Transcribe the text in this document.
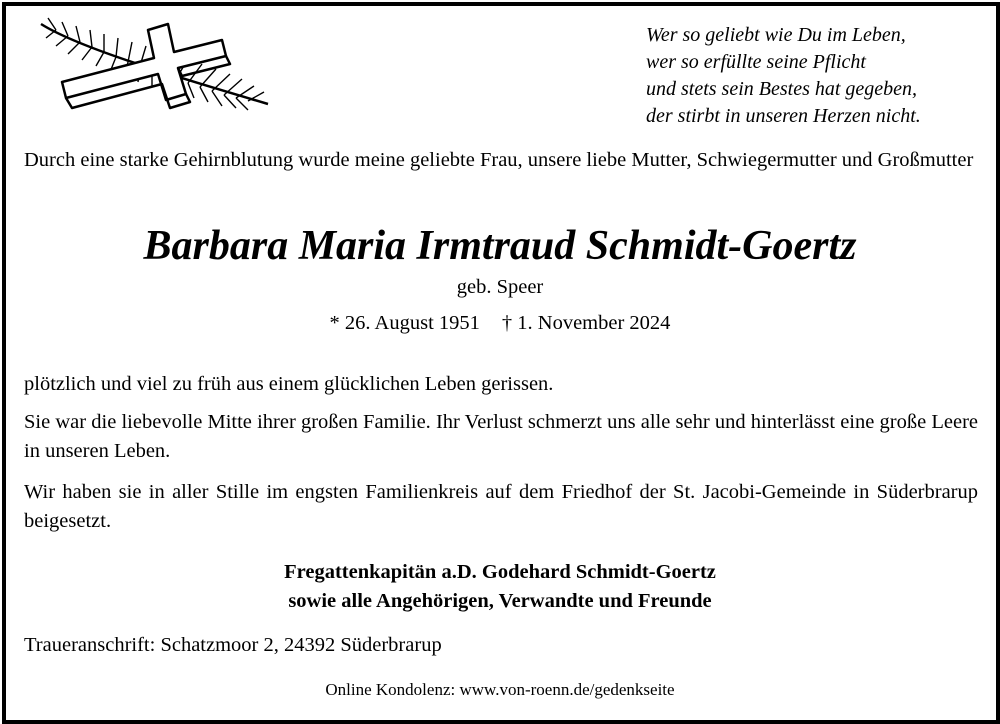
Wer so geliebt wie Du im Leben,
wer so erfüllte seine Pflicht
und stets sein Bestes hat gegeben,
der stirbt in unseren Herzen nicht.
Durch eine starke Gehirnblutung wurde meine geliebte Frau, unsere liebe Mutter, Schwiegermutter und Großmutter
Barbara Maria Irmtraud Schmidt-Goertz
geb. Speer
* 26. August 1951 † 1. November 2024
plötzlich und viel zu früh aus einem glücklichen Leben gerissen.
Sie war die liebevolle Mitte ihrer großen Familie. Ihr Verlust schmerzt uns alle sehr und hinterlässt eine große Leere in unseren Leben.
Wir haben sie in aller Stille im engsten Familienkreis auf dem Friedhof der St. Jacobi-Gemeinde in Süderbrarup beigesetzt.
Fregattenkapitän a.D. Godehard Schmidt-Goertz
sowie alle Angehörigen, Verwandte und Freunde
Traueranschrift: Schatzmoor 2, 24392 Süderbrarup
Online Kondolenz: www.von-roenn.de/gedenkseite
